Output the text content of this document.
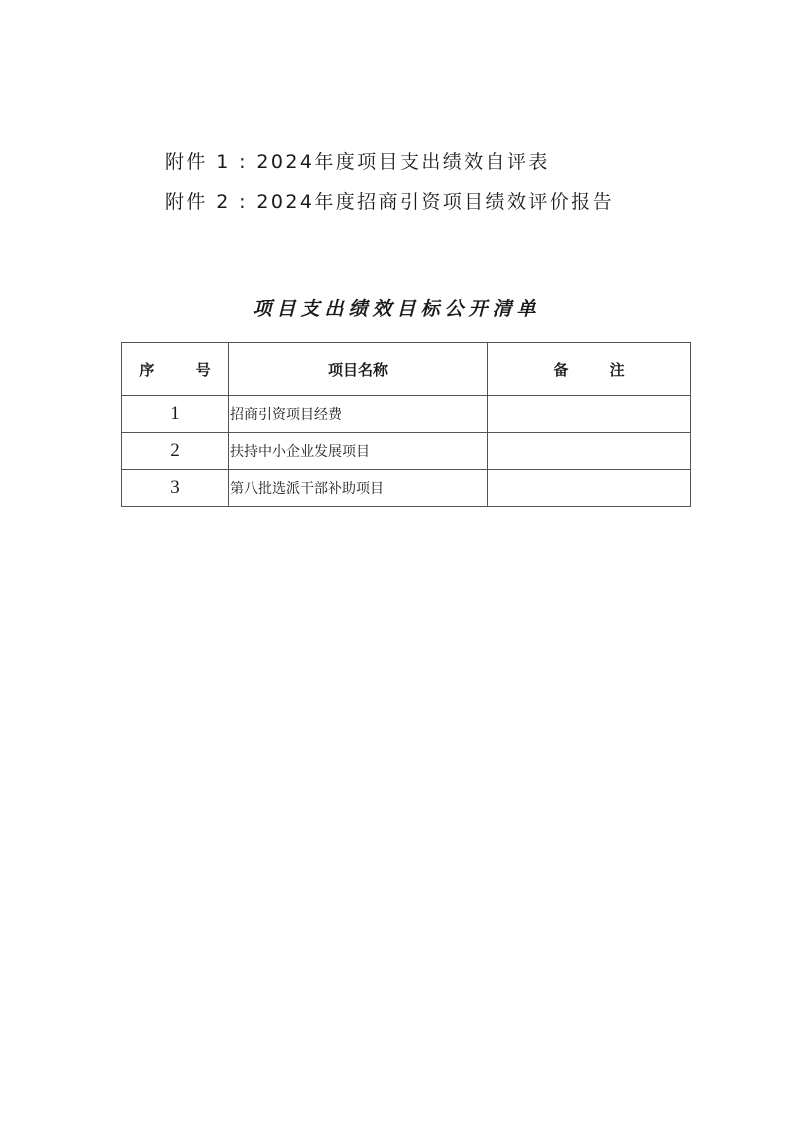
附件 1 : 2024年度项目支出绩效自评表
附件 2 : 2024年度招商引资项目绩效评价报告
项目支出绩效目标公开清单
序 号	项目名称	备 注
1	招商引资项目经费	
2	扶持中小企业发展项目	
3	第八批选派干部补助项目	
